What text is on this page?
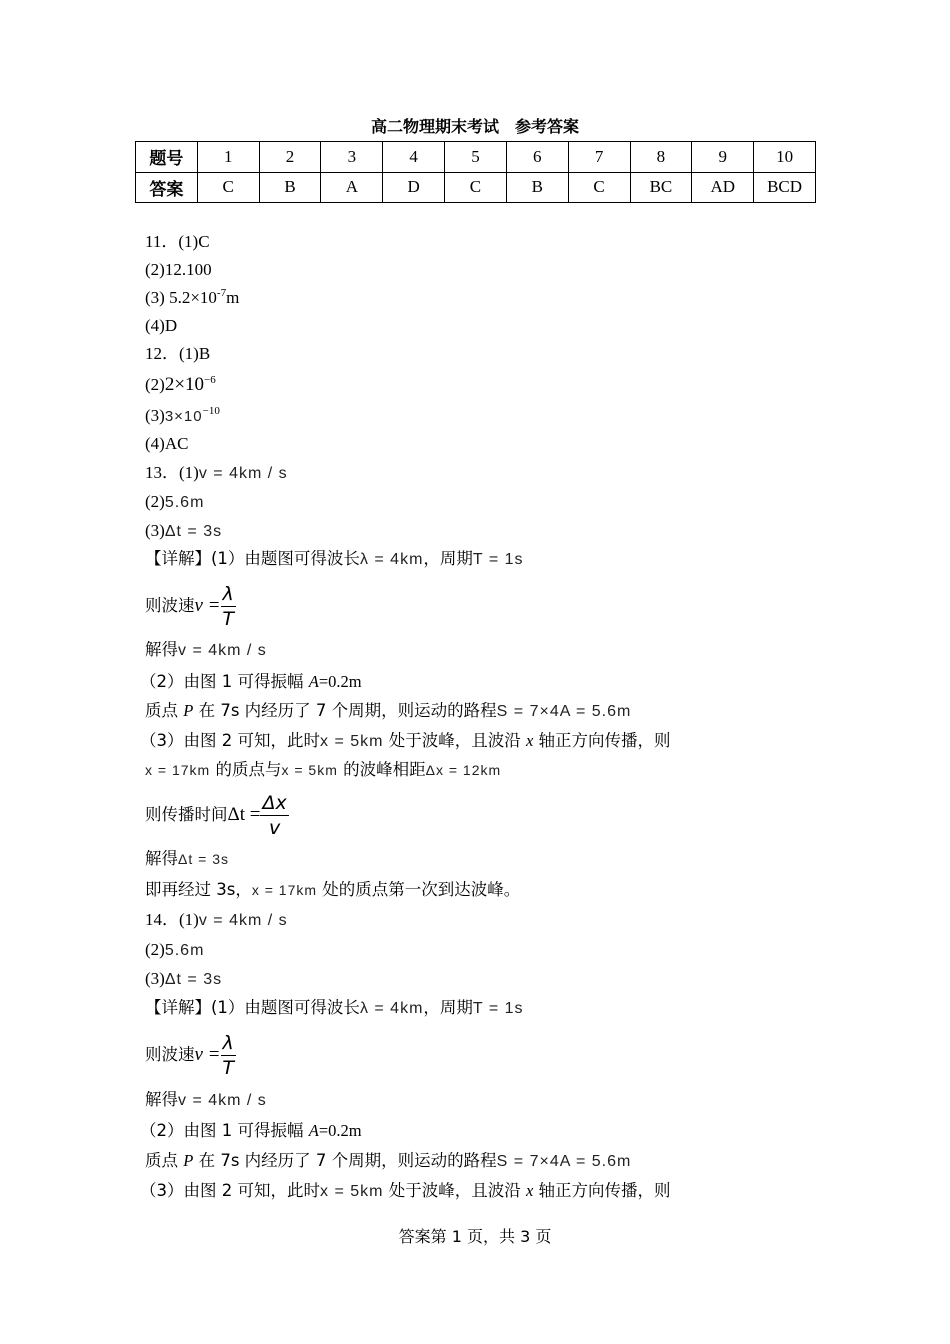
高二物理期末考试　参考答案
题号	1	2	3	4	5	6	7	8	9	10
答案	C	B	A	D	C	B	C	BC	AD	BCD
11．(1)C
(2)12.100
(3) $5.2\times 10^{-7}m$
(4)D
12．(1)B
$(2)2\times 10^{-6}$
$(3)3\times 10^{-10}$
(4)AC
13．(1)v = 4km / s
(2)5.6m
(3)Δt = 3s
【详解】(1）由题图可得波长λ = 4km，周期T = 1s
则波速$v = \frac{\lambda}{T}$
解得v = 4km / s
（2）由图 1 可得振幅 A=0.2m
质点 P 在 7s 内经历了 7 个周期，则运动的路程S = 7×4A = 5.6m
（3）由图 2 可知，此时x = 5km 处于波峰，且波沿 x 轴正方向传播，则
x = 17km 的质点与x = 5km 的波峰相距Δx = 12km
则传播时间$\Delta t = \frac{\Delta x}{v}$
解得Δt = 3s
即再经过 3s，x = 17km 处的质点第一次到达波峰。
14．(1)v = 4km / s
(2)5.6m
(3)Δt = 3s
【详解】(1）由题图可得波长λ = 4km，周期T = 1s
则波速$v = \frac{\lambda}{T}$
解得v = 4km / s
（2）由图 1 可得振幅 A=0.2m
质点 P 在 7s 内经历了 7 个周期，则运动的路程S = 7×4A = 5.6m
（3）由图 2 可知，此时x = 5km 处于波峰，且波沿 x 轴正方向传播，则
答案第 1 页，共 3 页
